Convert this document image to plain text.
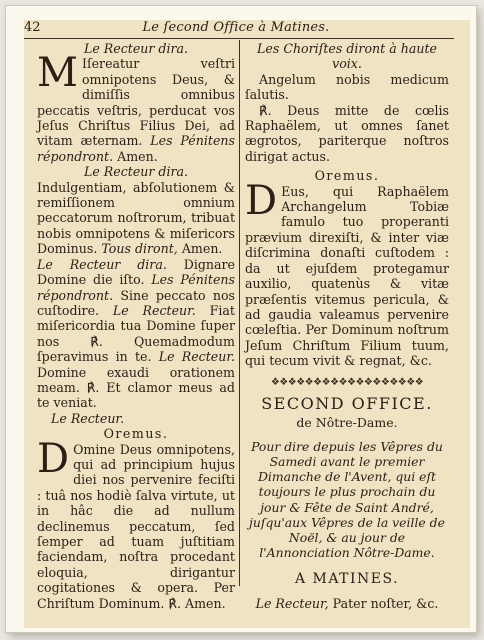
42	Le ſecond Office à Matines.

Le Recteur dira.

M Iſereatur veſtri omnipotens Deus, & dimiſſis omnibus peccatis veſtris, perducat vos Jeſus Chriſtus Filius Dei, ad vitam æternam. Les Pénitens répondront. Amen.

Le Recteur dira.

Indulgentiam, abſolutionem & remiſſionem omnium peccatorum noſtrorum, tribuat nobis omnipotens & miſericors Dominus. Tous diront, Amen.

Le Recteur dira. Dignare Domine die iſto. Les Pénitens répondront. Sine peccato nos cuſtodire. Le Recteur. Fiat miſericordia tua Domine ſuper nos ℟. Quemadmodum ſperavimus in te. Le Recteur. Domine exaudi orationem meam. ℟. Et clamor meus ad te veniat.

Le Recteur.

Oremus.

D Omine Deus omnipotens, qui ad principium hujus diei nos pervenire feciſti : tuâ nos hodiè ſalva virtute, ut in hâc die ad nullum declinemus peccatum, ſed ſemper ad tuam juſtitiam faciendam, noſtra procedant eloquia, dirigantur cogitationes & opera. Per Chriſtum Dominum. ℟. Amen.

Les Choriſtes diront à haute voix.

Angelum nobis medicum ſalutis.

℟. Deus mitte de cœlis Raphaëlem, ut omnes ſanet ægrotos, pariterque noſtros dirigat actus.

Oremus.

D Eus, qui Raphaëlem Archangelum Tobiæ famulo tuo properanti prævium direxiſti, & inter viæ diſcrimina donaſti cuſtodem : da ut ejuſdem protegamur auxilio, quatenùs & vitæ præſentis vitemus pericula, & ad gaudia valeamus pervenire cœleſtia. Per Dominum noſtrum Jeſum Chriſtum Filium tuum, qui tecum vivit & regnat, &c.

❖❖❖❖❖❖❖❖❖❖❖❖❖❖❖❖❖❖

SECOND OFFICE.

de Nôtre-Dame.

Pour dire depuis les Vêpres du Samedi avant le premier Dimanche de l'Avent, qui eſt toujours le plus prochain du jour & Fête de Saint André, juſqu'aux Vêpres de la veille de Noël, & au jour de l'Annonciation Nôtre-Dame.

A MATINES.

Le Recteur, Pater noſter, &c.
